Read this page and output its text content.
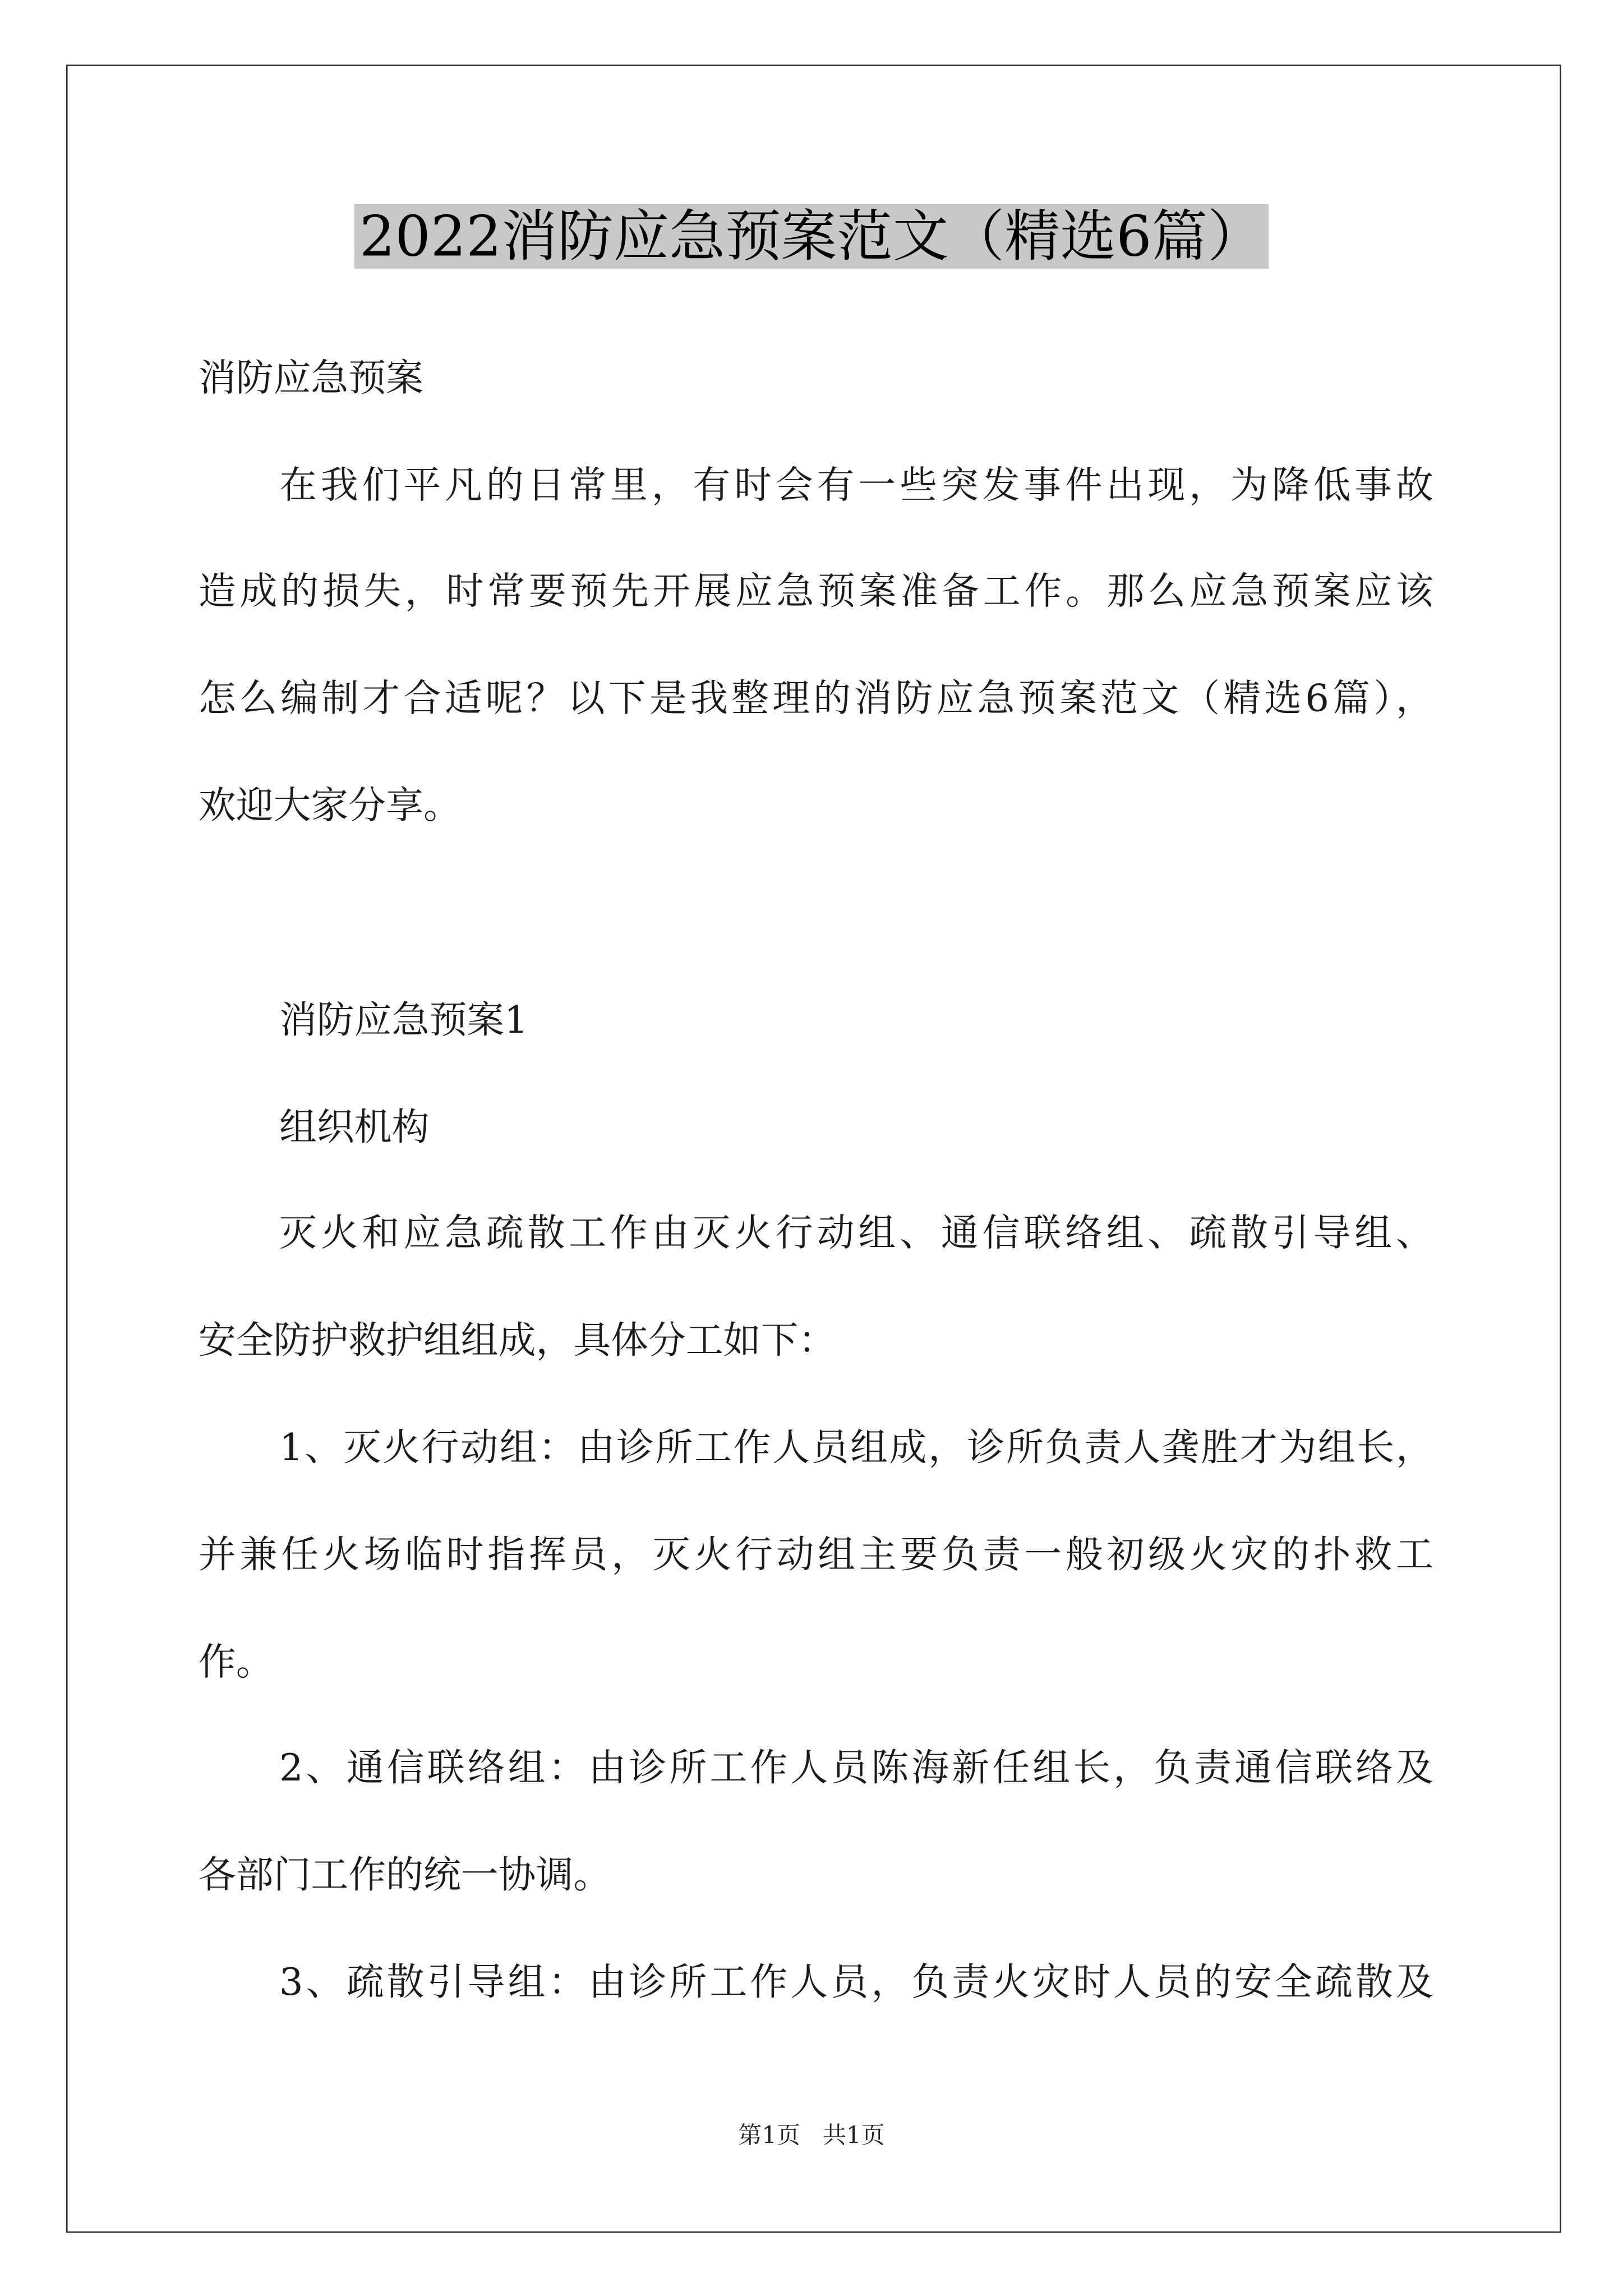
2022消防应急预案范文（精选6篇）

消防应急预案

在我们平凡的日常里，有时会有一些突发事件出现，为降低事故

造成的损失，时常要预先开展应急预案准备工作。那么应急预案应该

怎么编制才合适呢？以下是我整理的消防应急预案范文（精选6篇），

欢迎大家分享。

消防应急预案1

组织机构

灭火和应急疏散工作由灭火行动组、通信联络组、疏散引导组、

安全防护救护组组成，具体分工如下：

1、灭火行动组：由诊所工作人员组成，诊所负责人龚胜才为组长，

并兼任火场临时指挥员，灭火行动组主要负责一般初级火灾的扑救工

作。

2、通信联络组：由诊所工作人员陈海新任组长，负责通信联络及

各部门工作的统一协调。

3、疏散引导组：由诊所工作人员，负责火灾时人员的安全疏散及

第1页   共1页
